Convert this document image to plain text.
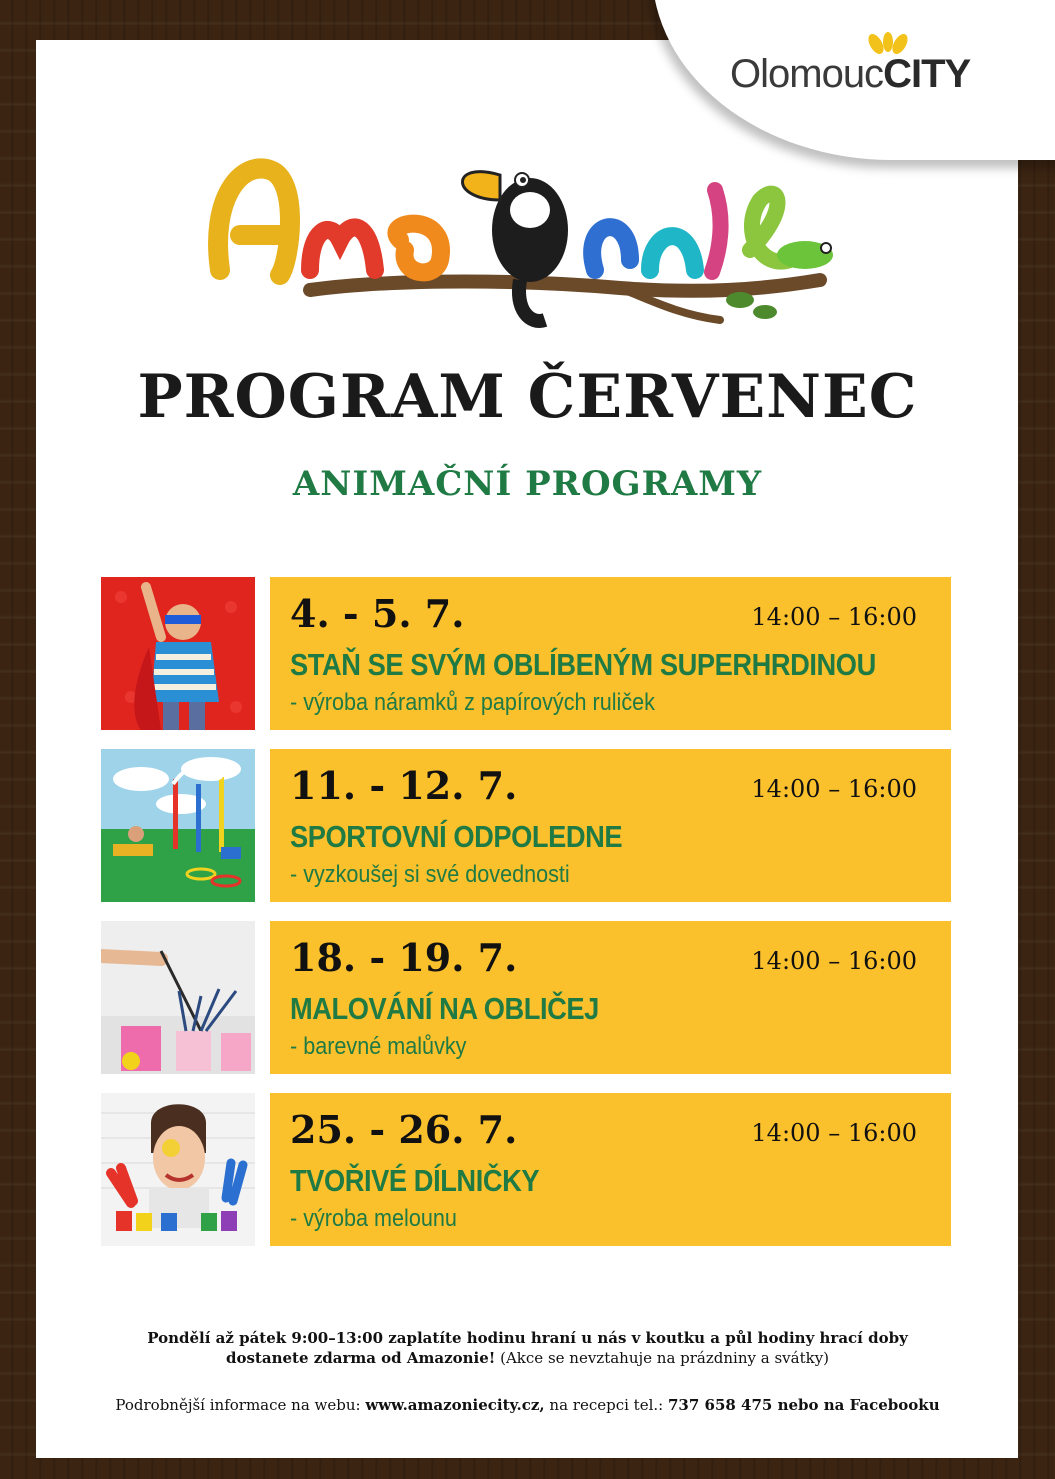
OlomoucCITY
PROGRAM ČERVENEC
ANIMAČNÍ PROGRAMY
4. - 5. 7.	14:00 – 16:00
STAŇ SE SVÝM OBLÍBENÝM SUPERHRDINOU
- výroba náramků z papírových ruliček
11. - 12. 7.	14:00 – 16:00
SPORTOVNÍ ODPOLEDNE
- vyzkoušej si své dovednosti
18. - 19. 7.	14:00 – 16:00
MALOVÁNÍ NA OBLIČEJ
- barevné malůvky
25. - 26. 7.	14:00 – 16:00
TVOŘIVÉ DÍLNIČKY
- výroba melounu
Pondělí až pátek 9:00–13:00 zaplatíte hodinu hraní u nás v koutku a půl hodiny hrací doby
dostanete zdarma od Amazonie! (Akce se nevztahuje na prázdniny a svátky)
Podrobnější informace na webu: www.amazoniecity.cz, na recepci tel.: 737 658 475 nebo na Facebooku
